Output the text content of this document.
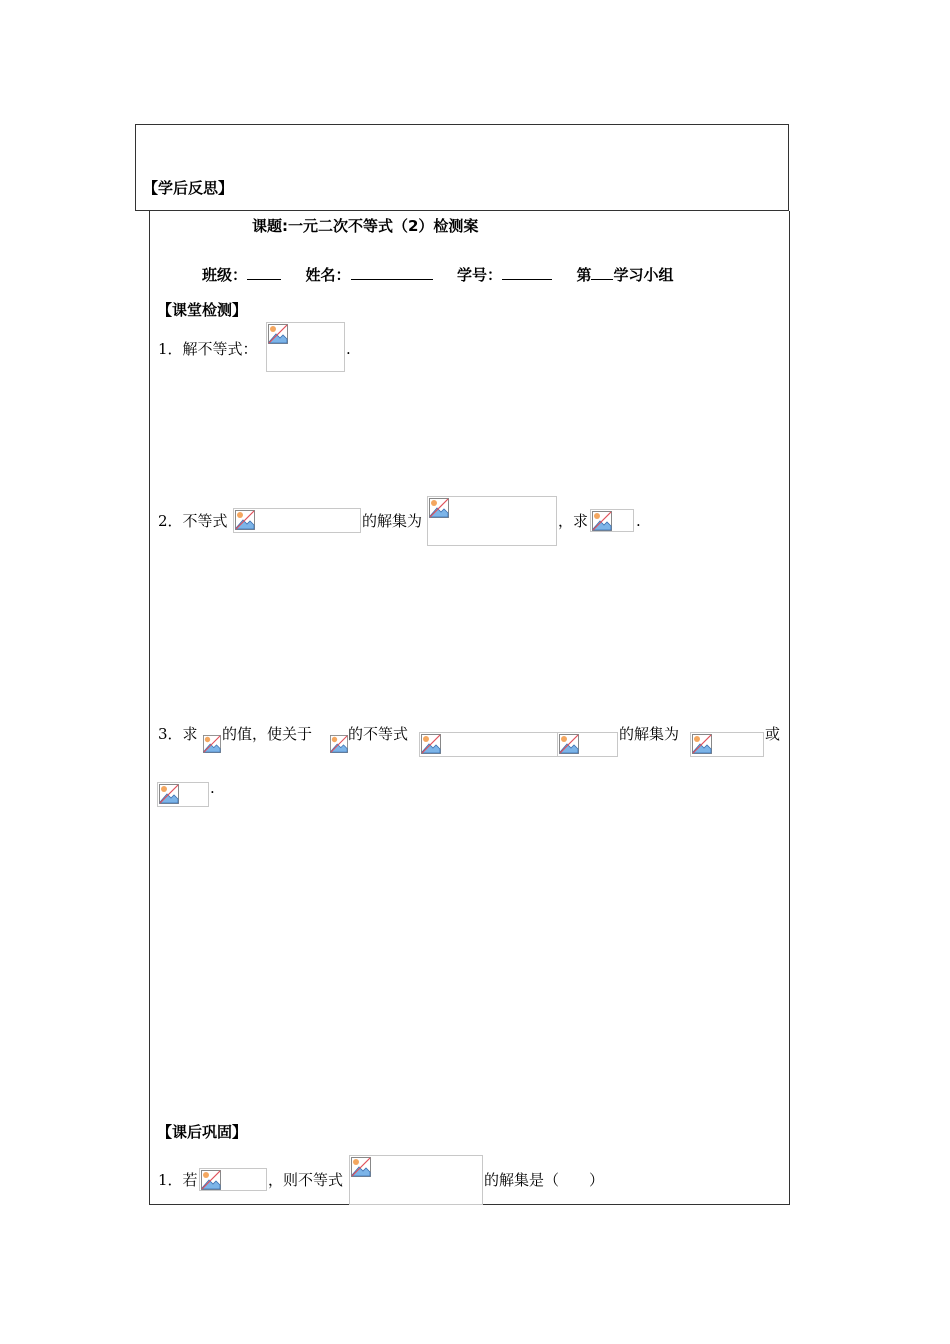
【学后反思】
课题:一元二次不等式（2）检测案
班级：	姓名：	学号：	第 学习小组
【课堂检测】
1．解不等式：	.
2．不等式	的解集为	，求	.
3．求 的值，使关于 的不等式	的解集为	或
.
【课后巩固】
1．若	，则不等式	的解集是（　　）
